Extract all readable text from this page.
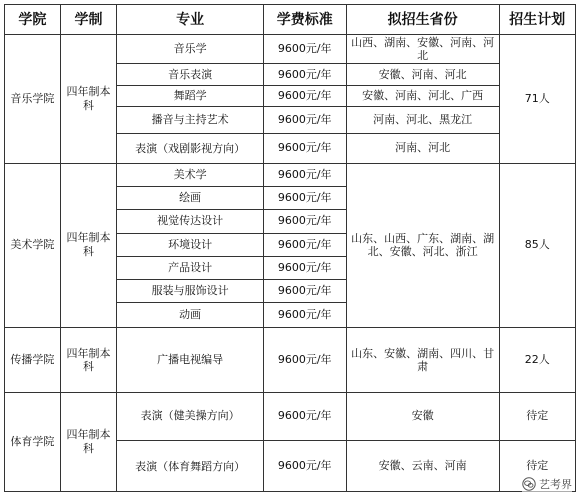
学院	学制	专业	学费标准	拟招生省份	招生计划
音乐学院	四年制本科	音乐学	9600元/年	山西、湖南、安徽、河南、河北	71人
		音乐表演	9600元/年	安徽、河南、河北	
		舞蹈学	9600元/年	安徽、河南、河北、广西	
		播音与主持艺术	9600元/年	河南、河北、黑龙江	
		表演（戏剧影视方向）	9600元/年	河南、河北	
美术学院	四年制本科	美术学	9600元/年	山东、山西、广东、湖南、湖北、安徽、河北、浙江	85人
		绘画	9600元/年		
		视觉传达设计	9600元/年		
		环境设计	9600元/年		
		产品设计	9600元/年		
		服装与服饰设计	9600元/年		
		动画	9600元/年		
传播学院	四年制本科	广播电视编导	9600元/年	山东、安徽、湖南、四川、甘肃	22人
体育学院	四年制本科	表演（健美操方向）	9600元/年	安徽	待定
		表演（体育舞蹈方向）	9600元/年	安徽、云南、河南	待定
艺考界
